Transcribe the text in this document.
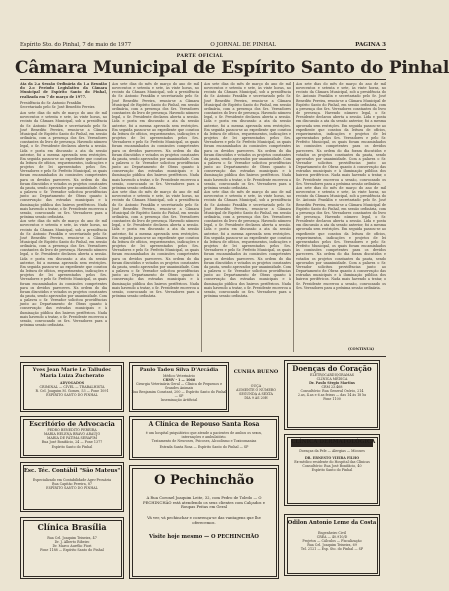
Espírito Sto. do Pinhal, 7 de maio de 1977	O JORNAL DE PINHAL	PAGINA 3
PARTE OFICIAL
Câmara Municipal de Espírito Santo do Pinhal
Ata da 2.a Sessão Ordinária da 1.a Reunião do 2.o Período Legislativo da Câmara Municipal de Espírito Santo do Pinhal, realizada em 7 de março de 1977.
Presidência do Sr. Antonio Franklin
Secretariado pelo Sr. José Benedito Pereira
Aos sete dias do mês de março do ano de mil novecentos e setenta e sete, às vinte horas, no recinto da Câmara Municipal, sob a presidência do Sr. Antonio Franklin e secretariado pelo Sr. José Benedito Pereira, reuniu-se a Câmara Municipal de Espírito Santo do Pinhal, em sessão ordinária, com a presença dos Srs. Vereadores constantes do livro de presença. Havendo número legal, o Sr. Presidente declarou aberta a sessão. Lida e posta em discussão a ata da sessão anterior, foi a mesma aprovada sem restrições. Em seguida passou-se ao expediente que constou da leitura de ofícios, requerimentos, indicações e projetos de lei apresentados pelos Srs. Vereadores e pelo Sr. Prefeito Municipal, os quais foram encaminhados às comissões competentes para os devidos pareceres. Na ordem do dia foram discutidos e votados os projetos constantes da pauta, sendo aprovados por unanimidade. Com a palavra o Sr. Vereador solicitou providências junto ao Departamento de Obras quanto à conservação das estradas municipais e à iluminação pública dos bairros periféricos. Nada mais havendo a tratar, o Sr. Presidente encerrou a sessão, convocando os Srs. Vereadores para a próxima sessão ordinária.
Aos sete dias do mês de março do ano de mil novecentos e setenta e sete, às vinte horas, no recinto da Câmara Municipal, sob a presidência do Sr. Antonio Franklin e secretariado pelo Sr. José Benedito Pereira, reuniu-se a Câmara Municipal de Espírito Santo do Pinhal, em sessão ordinária, com a presença dos Srs. Vereadores constantes do livro de presença. Havendo número legal, o Sr. Presidente declarou aberta a sessão. Lida e posta em discussão a ata da sessão anterior, foi a mesma aprovada sem restrições. Em seguida passou-se ao expediente que constou da leitura de ofícios, requerimentos, indicações e projetos de lei apresentados pelos Srs. Vereadores e pelo Sr. Prefeito Municipal, os quais foram encaminhados às comissões competentes para os devidos pareceres. Na ordem do dia foram discutidos e votados os projetos constantes da pauta, sendo aprovados por unanimidade. Com a palavra o Sr. Vereador solicitou providências junto ao Departamento de Obras quanto à conservação das estradas municipais e à iluminação pública dos bairros periféricos. Nada mais havendo a tratar, o Sr. Presidente encerrou a sessão, convocando os Srs. Vereadores para a próxima sessão ordinária.
Aos sete dias do mês de março do ano de mil novecentos e setenta e sete, às vinte horas, no recinto da Câmara Municipal, sob a presidência do Sr. Antonio Franklin e secretariado pelo Sr. José Benedito Pereira, reuniu-se a Câmara Municipal de Espírito Santo do Pinhal, em sessão ordinária, com a presença dos Srs. Vereadores constantes do livro de presença. Havendo número legal, o Sr. Presidente declarou aberta a sessão. Lida e posta em discussão a ata da sessão anterior, foi a mesma aprovada sem restrições. Em seguida passou-se ao expediente que constou da leitura de ofícios, requerimentos, indicações e projetos de lei apresentados pelos Srs. Vereadores e pelo Sr. Prefeito Municipal, os quais foram encaminhados às comissões competentes para os devidos pareceres. Na ordem do dia foram discutidos e votados os projetos constantes da pauta, sendo aprovados por unanimidade. Com a palavra o Sr. Vereador solicitou providências junto ao Departamento de Obras quanto à conservação das estradas municipais e à iluminação pública dos bairros periféricos. Nada mais havendo a tratar, o Sr. Presidente encerrou a sessão, convocando os Srs. Vereadores para a próxima sessão ordinária.
Aos sete dias do mês de março do ano de mil novecentos e setenta e sete, às vinte horas, no recinto da Câmara Municipal, sob a presidência do Sr. Antonio Franklin e secretariado pelo Sr. José Benedito Pereira, reuniu-se a Câmara Municipal de Espírito Santo do Pinhal, em sessão ordinária, com a presença dos Srs. Vereadores constantes do livro de presença. Havendo número legal, o Sr. Presidente declarou aberta a sessão. Lida e posta em discussão a ata da sessão anterior, foi a mesma aprovada sem restrições. Em seguida passou-se ao expediente que constou da leitura de ofícios, requerimentos, indicações e projetos de lei apresentados pelos Srs. Vereadores e pelo Sr. Prefeito Municipal, os quais foram encaminhados às comissões competentes para os devidos pareceres. Na ordem do dia foram discutidos e votados os projetos constantes da pauta, sendo aprovados por unanimidade. Com a palavra o Sr. Vereador solicitou providências junto ao Departamento de Obras quanto à conservação das estradas municipais e à iluminação pública dos bairros periféricos. Nada mais havendo a tratar, o Sr. Presidente encerrou a sessão, convocando os Srs. Vereadores para a próxima sessão ordinária.
Aos sete dias do mês de março do ano de mil novecentos e setenta e sete, às vinte horas, no recinto da Câmara Municipal, sob a presidência do Sr. Antonio Franklin e secretariado pelo Sr. José Benedito Pereira, reuniu-se a Câmara Municipal de Espírito Santo do Pinhal, em sessão ordinária, com a presença dos Srs. Vereadores constantes do livro de presença. Havendo número legal, o Sr. Presidente declarou aberta a sessão. Lida e posta em discussão a ata da sessão anterior, foi a mesma aprovada sem restrições. Em seguida passou-se ao expediente que constou da leitura de ofícios, requerimentos, indicações e projetos de lei apresentados pelos Srs. Vereadores e pelo Sr. Prefeito Municipal, os quais foram encaminhados às comissões competentes para os devidos pareceres. Na ordem do dia foram discutidos e votados os projetos constantes da pauta, sendo aprovados por unanimidade. Com a palavra o Sr. Vereador solicitou providências junto ao Departamento de Obras quanto à conservação das estradas municipais e à iluminação pública dos bairros periféricos. Nada mais havendo a tratar, o Sr. Presidente encerrou a sessão, convocando os Srs. Vereadores para a próxima sessão ordinária.
Aos sete dias do mês de março do ano de mil novecentos e setenta e sete, às vinte horas, no recinto da Câmara Municipal, sob a presidência do Sr. Antonio Franklin e secretariado pelo Sr. José Benedito Pereira, reuniu-se a Câmara Municipal de Espírito Santo do Pinhal, em sessão ordinária, com a presença dos Srs. Vereadores constantes do livro de presença. Havendo número legal, o Sr. Presidente declarou aberta a sessão. Lida e posta em discussão a ata da sessão anterior, foi a mesma aprovada sem restrições. Em seguida passou-se ao expediente que constou da leitura de ofícios, requerimentos, indicações e projetos de lei apresentados pelos Srs. Vereadores e pelo Sr. Prefeito Municipal, os quais foram encaminhados às comissões competentes para os devidos pareceres. Na ordem do dia foram discutidos e votados os projetos constantes da pauta, sendo aprovados por unanimidade. Com a palavra o Sr. Vereador solicitou providências junto ao Departamento de Obras quanto à conservação das estradas municipais e à iluminação pública dos bairros periféricos. Nada mais havendo a tratar, o Sr. Presidente encerrou a sessão, convocando os Srs. Vereadores para a próxima sessão ordinária.
Aos sete dias do mês de março do ano de mil novecentos e setenta e sete, às vinte horas, no recinto da Câmara Municipal, sob a presidência do Sr. Antonio Franklin e secretariado pelo Sr. José Benedito Pereira, reuniu-se a Câmara Municipal de Espírito Santo do Pinhal, em sessão ordinária, com a presença dos Srs. Vereadores constantes do livro de presença. Havendo número legal, o Sr. Presidente declarou aberta a sessão. Lida e posta em discussão a ata da sessão anterior, foi a mesma aprovada sem restrições. Em seguida passou-se ao expediente que constou da leitura de ofícios, requerimentos, indicações e projetos de lei apresentados pelos Srs. Vereadores e pelo Sr. Prefeito Municipal, os quais foram encaminhados às comissões competentes para os devidos pareceres. Na ordem do dia foram discutidos e votados os projetos constantes da pauta, sendo aprovados por unanimidade. Com a palavra o Sr. Vereador solicitou providências junto ao Departamento de Obras quanto à conservação das estradas municipais e à iluminação pública dos bairros periféricos. Nada mais havendo a tratar, o Sr. Presidente encerrou a sessão, convocando os Srs. Vereadores para a próxima sessão ordinária.
Aos sete dias do mês de março do ano de mil novecentos e setenta e sete, às vinte horas, no recinto da Câmara Municipal, sob a presidência do Sr. Antonio Franklin e secretariado pelo Sr. José Benedito Pereira, reuniu-se a Câmara Municipal de Espírito Santo do Pinhal, em sessão ordinária, com a presença dos Srs. Vereadores constantes do livro de presença. Havendo número legal, o Sr. Presidente declarou aberta a sessão. Lida e posta em discussão a ata da sessão anterior, foi a mesma aprovada sem restrições. Em seguida passou-se ao expediente que constou da leitura de ofícios, requerimentos, indicações e projetos de lei apresentados pelos Srs. Vereadores e pelo Sr. Prefeito Municipal, os quais foram encaminhados às comissões competentes para os devidos pareceres. Na ordem do dia foram discutidos e votados os projetos constantes da pauta, sendo aprovados por unanimidade. Com a palavra o Sr. Vereador solicitou providências junto ao Departamento de Obras quanto à conservação das estradas municipais e à iluminação pública dos bairros periféricos. Nada mais havendo a tratar, o Sr. Presidente encerrou a sessão, convocando os Srs. Vereadores para a próxima sessão ordinária.
(CONTINUA)
Yves Jean Marie Le Talludec
Maria Luiza Zucherato
ADVOGADOS
CRIMINAL — CÍVEL — TRABALHISTA
R. Cel. Joaquim M. Gomes, 53 — Fone 1091
ESPÍRITO SANTO DO PINHAL
Paulo Tadeu Silva D'Arcádia
Médico Veterinário
CRMV - 1 — 1066
Cirurgia Veterinária Geral — Clínica de Pequenos e Grandes Animais
Rua Benjamim Constant, 200 — Espírito Santo do Pinhal — SP
Inseminação Artificial
CUNHA BUENO
OUÇA
AUMENTE O NÚMERO
SEGUNDA A SEXTA
DIA 9 ÀS 20H
Doenças do Coração
ELETROCARDIOGRAMAS
CLÍNICA MÉDICA
Dr. Paulo Sérgio Martins
CRM 23.468
Consultório: Rua General Osório, 214
2.as, 4.as e 6.as feiras — das 14 às 18 hs
Fone 1100
Escritório de Advocacia
PEDRO BENEDITO PEREIRA
MARIA HELENA BRAVO ARAÚJO
MARIA DE FÁTIMA SERAFIM
Rua José Bonifácio, 24 — Fone 1377
Espírito Santo do Pinhal
A Clínica de Repouso Santa Rosa
é um hospital psiquiátrico que atende a pacientes de ambos os sexos, internações e ambulatório.
Tratamento de Neuroses, Psicoses, Alcoolismo e Toxicomanias
Estrada Santa Rosa — Espírito Santo do Pinhal — SP
CLÍNICA DERMATOLÓGICA
Doenças da Pele — Alergias — Micoses
DR. ERNESTO VIEIRA FILHO
Ex-médico residente do Hospital das Clínicas
Consultório: Rua José Bonifácio, 40
Espírito Santo do Pinhal
Esc. Téc. Contábil "São Mateus"
Especializado em Contabilidade Agro-Pecuária
Rua Capitão Pereira, 87
ESPÍRITO SANTO DO PINHAL
O Pechinchão
A Rua Coronel Joaquim Leite, 32, com Pedro de Toledo — O PECHINCHÃO está atendendo os seus clientes com Calçados e Roupas Feitas em Geral
Vá ver, vá pechinchar e convença-se das vantagens que lhe oferecemos.
Visite hoje mesmo — O PECHINCHÃO
Clínica Brasília
Rua Cel. Joaquim Teixeira, 47
Dr. J. Alberto Ribeiro
Dr. Marco Aurélio Fiori
Fone 1188 — Espírito Santo do Pinhal
Odilon Antonio Leme da Costa
Engenheiro Civil
CREA — 40.910/D
Projetos — Cálculos — Fiscalização
Rua Cel. Joaquim Teixeira, 69
Tel. 2121 — Esp. Sto. do Pinhal — SP
